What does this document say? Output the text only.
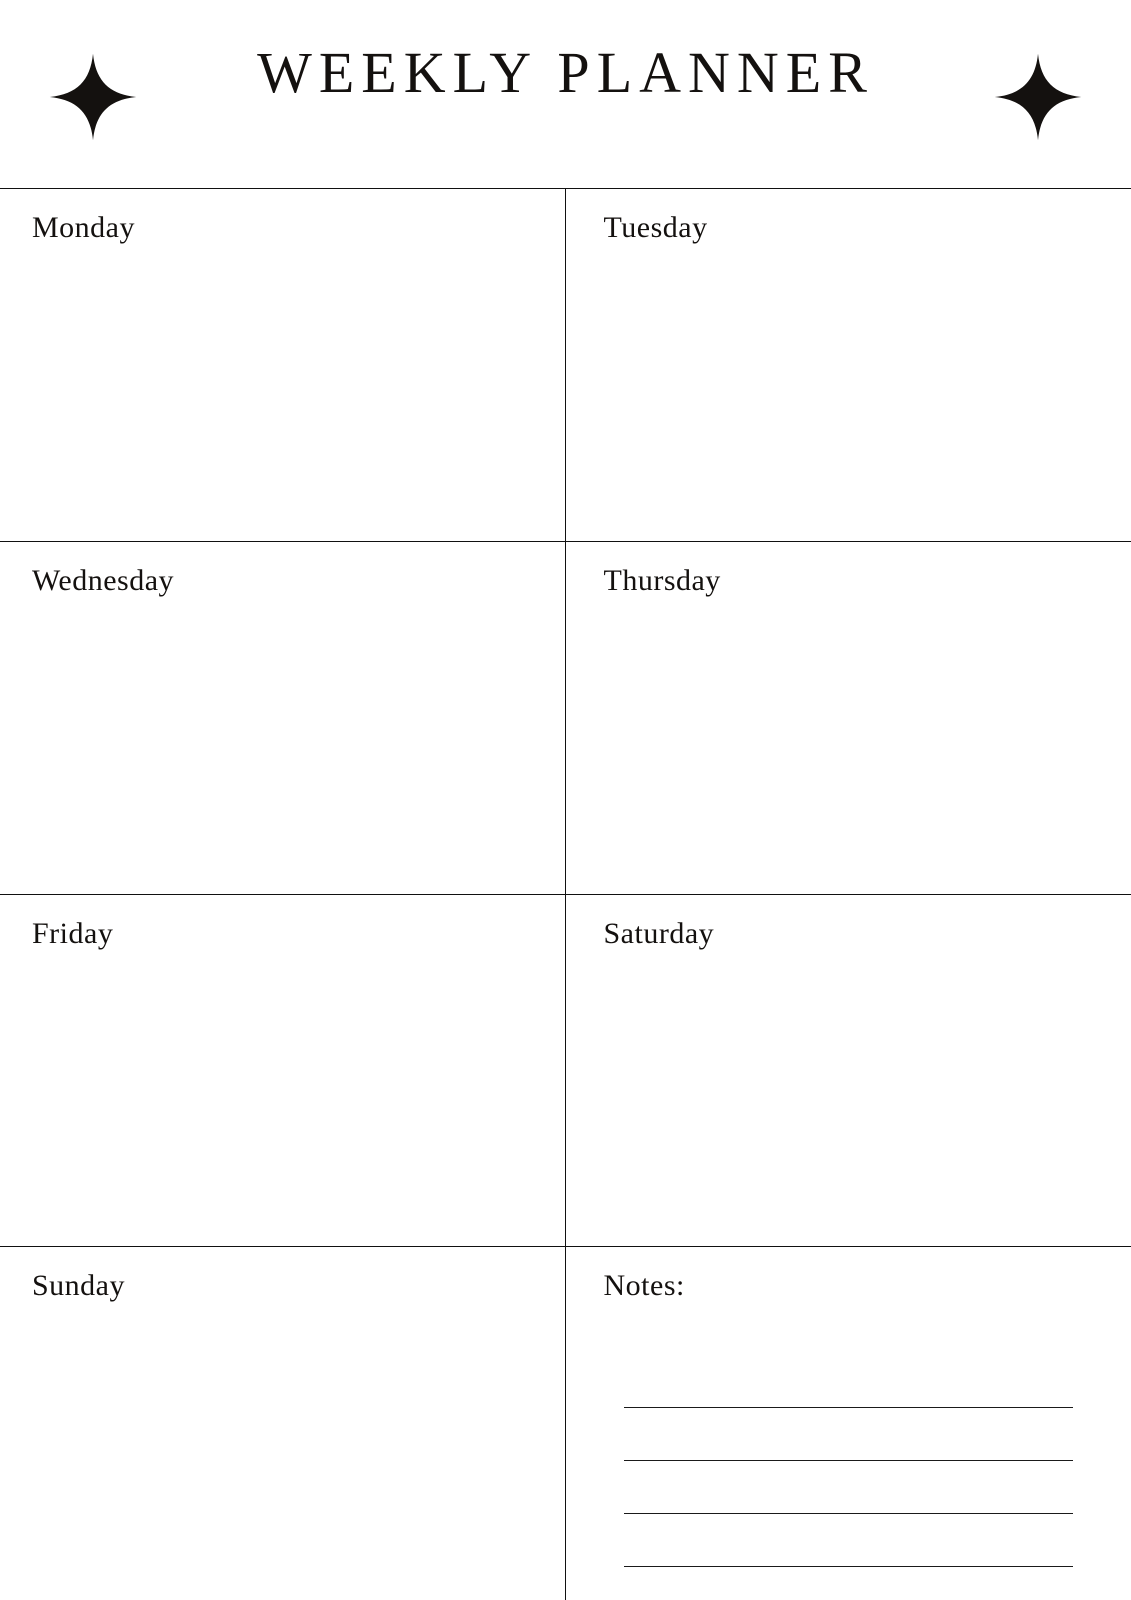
WEEKLY PLANNER
Monday	Tuesday
Wednesday	Thursday
Friday	Saturday
Sunday	Notes:
